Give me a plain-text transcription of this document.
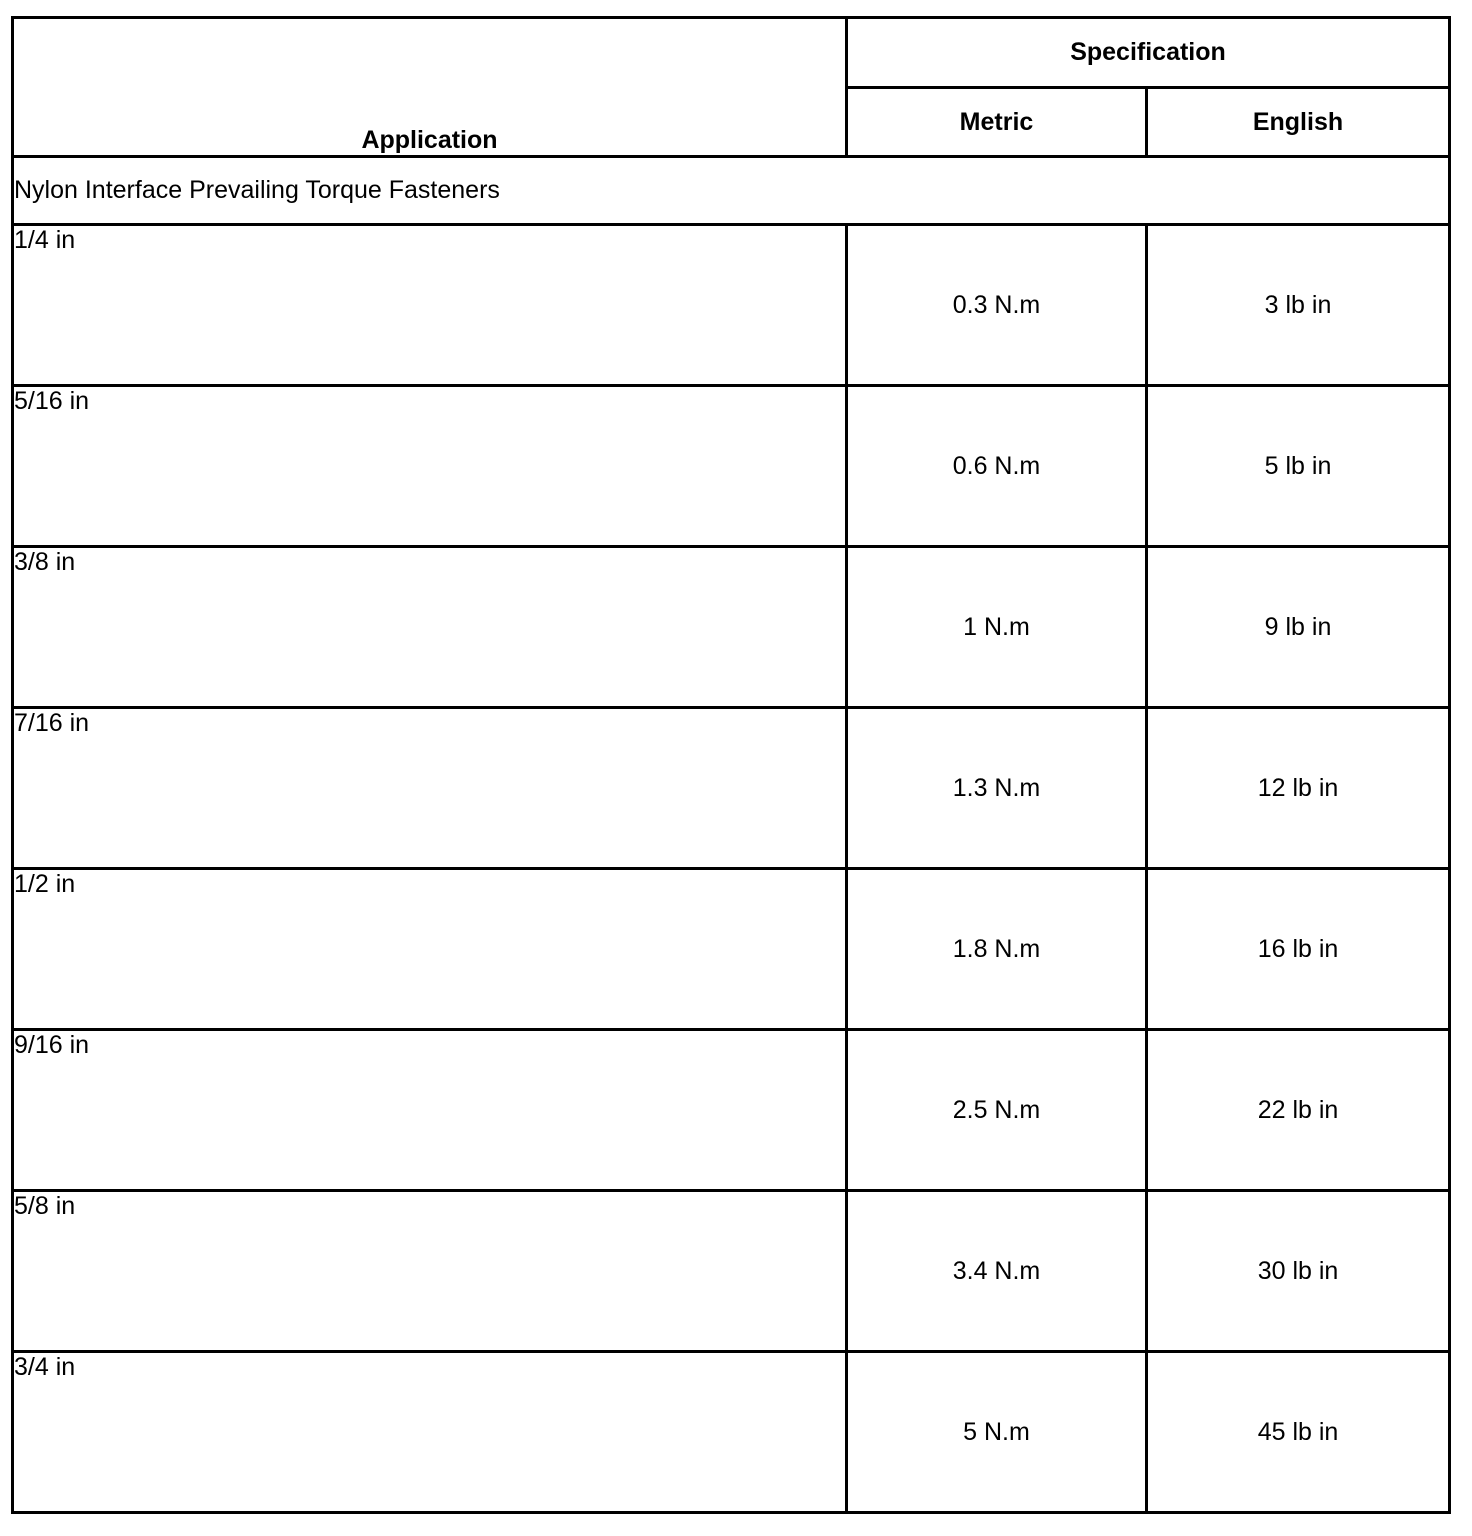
Application	Specification	
	Metric	English
Nylon Interface Prevailing Torque Fasteners		
1/4 in	0.3 N.m	3 lb in
5/16 in	0.6 N.m	5 lb in
3/8 in	1 N.m	9 lb in
7/16 in	1.3 N.m	12 lb in
1/2 in	1.8 N.m	16 lb in
9/16 in	2.5 N.m	22 lb in
5/8 in	3.4 N.m	30 lb in
3/4 in	5 N.m	45 lb in
